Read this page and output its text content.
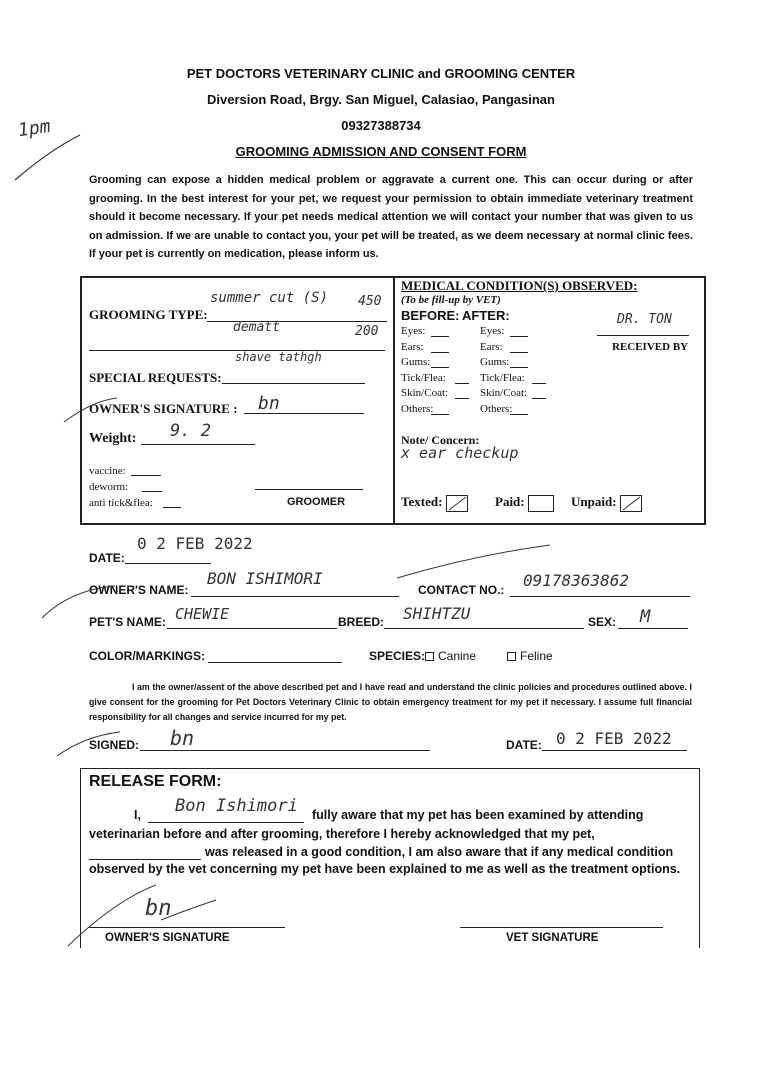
1pm
PET DOCTORS VETERINARY CLINIC and GROOMING CENTER
Diversion Road, Brgy. San Miguel, Calasiao, Pangasinan
09327388734
GROOMING ADMISSION AND CONSENT FORM
Grooming can expose a hidden medical problem or aggravate a current one. This can occur during or after grooming. In the best interest for your pet, we request your permission to obtain immediate veterinary treatment should it become necessary. If your pet needs medical attention we will contact your number that was given to us on admission. If we are unable to contact you, your pet will be treated, as we deem necessary at normal clinic fees. If your pet is currently on medication, please inform us.
GROOMING TYPE:
summer cut (S) 450
dematt	200
shave tathgh
SPECIAL REQUESTS:
OWNER'S SIGNATURE : bn
Weight: 9. 2
vaccine:
deworm:
anti tick&flea:	GROOMER
MEDICAL CONDITION(S) OBSERVED:
(To be fill-up by VET)
BEFORE: AFTER:
Eyes:	Eyes:
Ears:	Ears:
Gums:	Gums:
Tick/Flea:	Tick/Flea:
Skin/Coat:	Skin/Coat:
Others:	Others:
DR. TON
RECEIVED BY
Note/ Concern:
x ear checkup
Texted:	Paid:	Unpaid:
DATE:
0 2 FEB 2022
OWNER'S NAME:
BON ISHIMORI
CONTACT NO.: 09178363862
PET'S NAME: CHEWIE	BREED: SHIHTZU	SEX: M
COLOR/MARKINGS:	SPECIES:	Canine	Feline
I am the owner/assent of the above described pet and I have read and understand the clinic policies and procedures outlined above. I give consent for the grooming for Pet Doctors Veterinary Clinic to obtain emergency treatment for my pet if necessary. I assume full financial responsibility for all changes and service incurred for my pet.
SIGNED: bn	DATE: 0 2 FEB 2022
RELEASE FORM:
I, Bon Ishimori fully aware that my pet has been examined by attending
veterinarian before and after grooming, therefore I hereby acknowledged that my pet,
was released in a good condition, I am also aware that if any medical condition
observed by the vet concerning my pet have been explained to me as well as the treatment options.
bn
OWNER'S SIGNATURE	VET SIGNATURE
